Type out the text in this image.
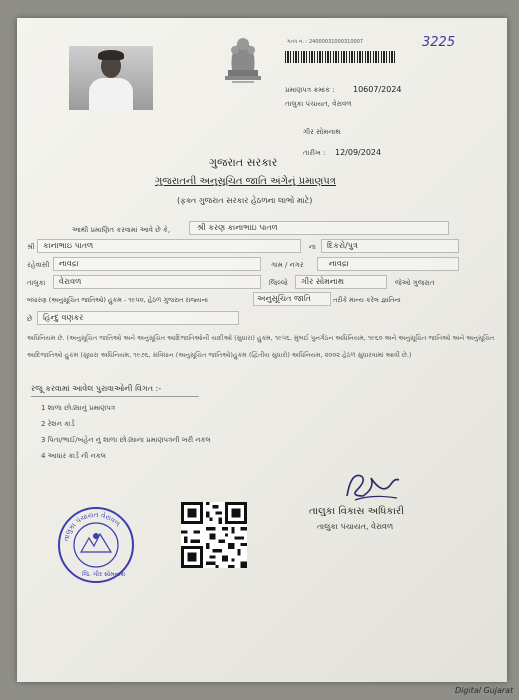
ગતપ નં. : 24000031000310007	3225
પ્રમાણપત્ર ક્રમાંક : 10607/2024
તાલુકા પંચાયત, વેરાવળ
ગીર સોમનાથ
તારીખ : 12/09/2024
ગુજરાત સરકાર
ગુજરાતની અનુસૂચિત જાતિ અંગેનું પ્રમાણપત્ર
(ફક્ત ગુજરાત સરકાર હેઠળના લાભો માટે)
આથી પ્રમાણિત કરવામાં આવે છે કે,	શ્રી કરણ કાનાભાઇ પાતળ
શ્રી કાનાભાઇ પાતળ	ના દિકરો/પુત્ર
રહેવાસી નાવદ્રા	ગામ / નગર	નાવદ્રા
તાલુકા વેરાવળ	જિલ્લો ગીર સોમનાથ	જેઓ ગુજરાત
બંધારણ (અનુસૂચિત જાતિઓ) હુકમ - ૧૯૫૦, હેઠળ ગુજરાત રાજ્યના	અનુસૂચિત જાતિ	તરીકે માન્ય કરેલ જ્ઞાતિના
છે હિન્દુ વણકર
અધિનિયમ છે. (અનુસૂચિત જાતિઓ અને અનુસૂચિત આદિજાતિઓની યાદીઓ (સુધારા) હુકમ, ૧૯૫૬, મુંબઈ પુનર્ગઠન અધિનિયમ, ૧૯૬૦ અને અનુસૂચિત જાતિઓ અને અનુસૂચિત આદિજાતિઓ હુકમ (સુધારા અધિનિયમ, ૧૯૭૬, સંવિધાન (અનુસૂચિત જાતિઓ)હુકમ (દ્વિતીય સુધારો) અધિનિયમ, ૨૦૦૨ હેઠળ સુધારવામાં આવી છે.)
રજૂ કરવામાં આવેલ પુરાવાઓની વિગત :-
1 શાળા છોડ્યાનું પ્રમાણપત્ર
2 રેશન કાર્ડ
3 પિતા/ભાઈ/બહેન નું શાળા છોડ્યાના પ્રમાણપત્રની ખરી નકલ
4 આધાર કાર્ડ ની નકલ
તાલુકા વિકાસ અધિકારી
તાલુકા પંચાયત, વેરાવળ
તાલુકા પંચાયત વેરાવળ
જિ. ગીર સોમનાથ
Digital Gujarat
